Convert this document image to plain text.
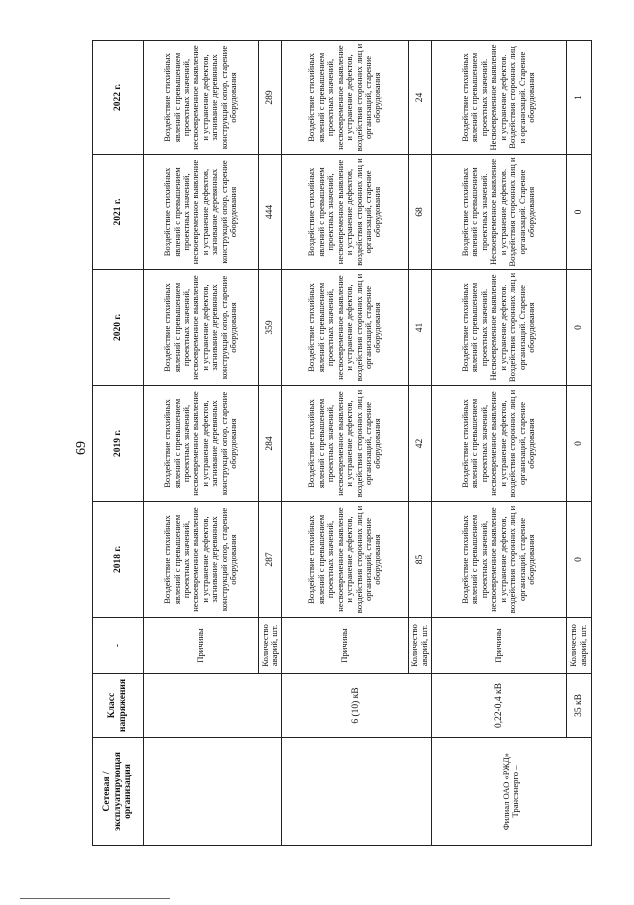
69
Сетевая / эксплуатирующая организация	Класс напряжения	-	2018 г.	2019 г.	2020 г.	2021 г.	2022 г.
		Причины	Воздействие стихийных явлений с превышением проектных значений, несвоевременное выявление и устранение дефектов, загнивание деревянных конструкций опор, старение оборудования	Воздействие стихийных явлений с превышением проектных значений, несвоевременное выявление и устранение дефектов, загнивание деревянных конструкций опор, старение оборудования	Воздействие стихийных явлений с превышением проектных значений, несвоевременное выявление и устранение дефектов, загнивание деревянных конструкций опор, старение оборудования	Воздействие стихийных явлений с превышением проектных значений, несвоевременное выявление и устранение дефектов, загнивание деревянных конструкций опор, старение оборудования	Воздействие стихийных явлений с превышением проектных значений, несвоевременное выявление и устранение дефектов, загнивание деревянных конструкций опор, старение оборудования
		Количество аварий, шт.	287	284	359	444	289
	6 (10) кВ	Причины	Воздействие стихийных явлений с превышением проектных значений, несвоевременное выявление и устранение дефектов, воздействия сторонних лиц и организаций, старение оборудования	Воздействие стихийных явлений с превышением проектных значений, несвоевременное выявление и устранение дефектов, воздействия сторонних лиц и организаций, старение оборудования	Воздействие стихийных явлений с превышением проектных значений, несвоевременное выявление и устранение дефектов, воздействия сторонних лиц и организаций, старение оборудования	Воздействие стихийных явлений с превышением проектных значений, несвоевременное выявление и устранение дефектов, воздействия сторонних лиц и организаций, старение оборудования	Воздействие стихийных явлений с превышением проектных значений, несвоевременное выявление и устранение дефектов, воздействия сторонних лиц и организаций, старение оборудования
		Количество аварий, шт.	85	42	41	68	24
Филиал ОАО «РЖД» Трансэнерго –	0,22-0,4 кВ	Причины	Воздействие стихийных явлений с превышением проектных значений, несвоевременное выявление и устранение дефектов, воздействия сторонних лиц и организаций, старение оборудования	Воздействие стихийных явлений с превышением проектных значений, несвоевременное выявление и устранение дефектов, воздействия сторонних лиц и организаций, старение оборудования	Воздействие стихийных явлений с превышением проектных значений. Несвоевременное выявление и устранение дефектов. Воздействия сторонних лиц и организаций. Старение оборудования	Воздействие стихийных явлений с превышением проектных значений. Несвоевременное выявление и устранение дефектов. Воздействия сторонних лиц и организаций. Старение оборудования	Воздействие стихийных явлений с превышением проектных значений. Несвоевременное выявление и устранение дефектов. Воздействия сторонних лиц и организаций. Старение оборудования
	35 кВ	Количество аварий, шт.	0	0	0	0	1
